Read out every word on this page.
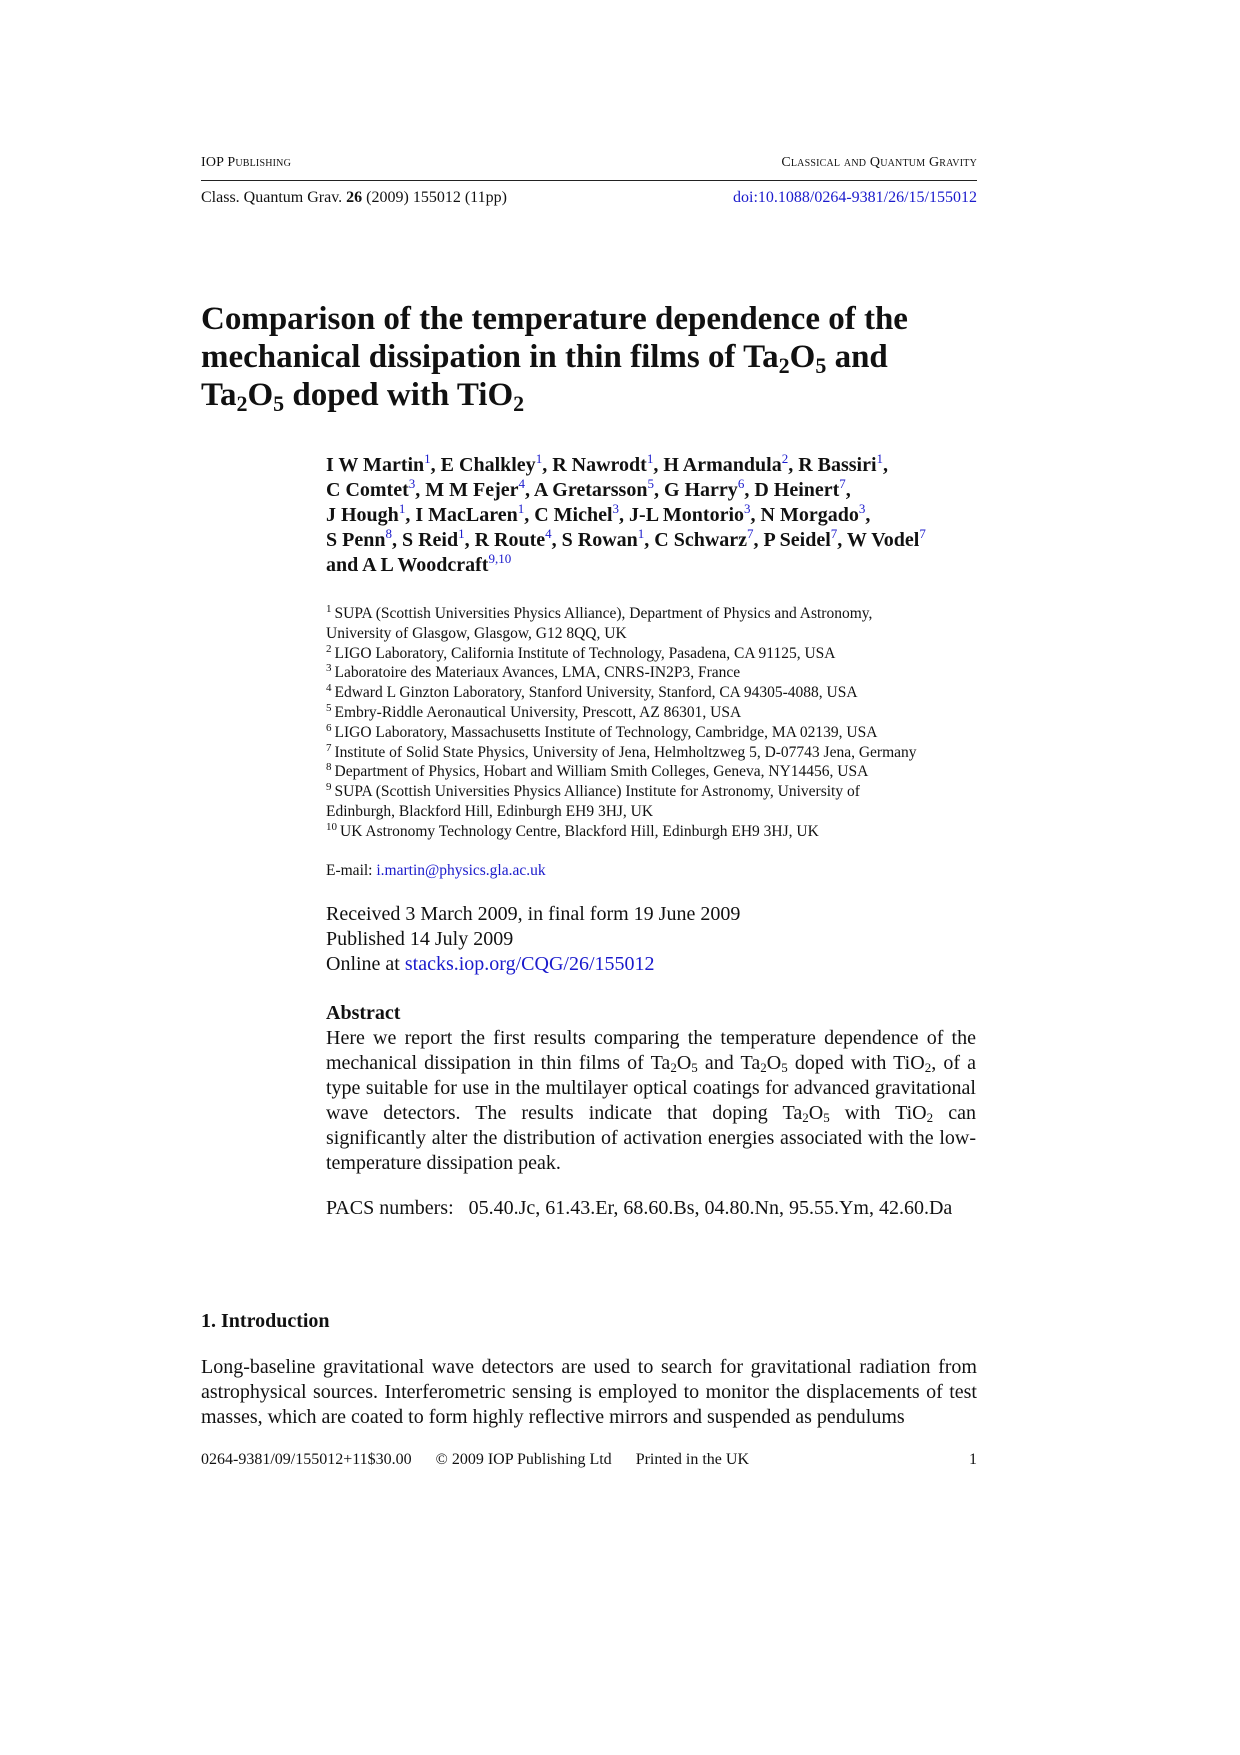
IOP Publishing	Classical and Quantum Gravity
Class. Quantum Grav. 26 (2009) 155012 (11pp)	doi:10.1088/0264-9381/26/15/155012
Comparison of the temperature dependence of the
mechanical dissipation in thin films of $Ta_2O_5$ and
$Ta_2O_5$ doped with TiO$_2$
I W Martin$^1$, E Chalkley$^1$, R Nawrodt$^1$, H Armandula$^2$, R Bassiri$^1$,
C Comtet$^3$, M M Fejer$^4$, A Gretarsson$^5$, G Harry$^6$, D Heinert$^7$,
J Hough$^1$, I MacLaren$^1$, C Michel$^3$, J-L Montorio$^3$, N Morgado$^3$,
S Penn$^8$, S Reid$^1$, R Route$^4$, S Rowan$^1$, C Schwarz$^7$, P Seidel$^7$, W Vodel$^7$
and A L Woodcraft$^{9,10}$
$^1$ SUPA (Scottish Universities Physics Alliance), Department of Physics and Astronomy,
University of Glasgow, Glasgow, G12 8QQ, UK
$^2$ LIGO Laboratory, California Institute of Technology, Pasadena, CA 91125, USA
$^3$ Laboratoire des Materiaux Avances, LMA, CNRS-IN2P3, France
$^4$ Edward L Ginzton Laboratory, Stanford University, Stanford, CA 94305-4088, USA
$^5$ Embry-Riddle Aeronautical University, Prescott, AZ 86301, USA
$^6$ LIGO Laboratory, Massachusetts Institute of Technology, Cambridge, MA 02139, USA
$^7$ Institute of Solid State Physics, University of Jena, Helmholtzweg 5, D-07743 Jena, Germany
$^8$ Department of Physics, Hobart and William Smith Colleges, Geneva, NY14456, USA
$^9$ SUPA (Scottish Universities Physics Alliance) Institute for Astronomy, University of
Edinburgh, Blackford Hill, Edinburgh EH9 3HJ, UK
$^{10}$ UK Astronomy Technology Centre, Blackford Hill, Edinburgh EH9 3HJ, UK
E-mail: i.martin@physics.gla.ac.uk
Received 3 March 2009, in final form 19 June 2009
Published 14 July 2009
Online at stacks.iop.org/CQG/26/155012
Abstract
Here we report the first results comparing the temperature dependence of the mechanical dissipation in thin films of $Ta_2O_5$ and $Ta_2O_5$ doped with TiO$_2$, of a type suitable for use in the multilayer optical coatings for advanced gravitational wave detectors. The results indicate that doping $Ta_2O_5$ with TiO$_2$ can significantly alter the distribution of activation energies associated with the low-temperature dissipation peak.
PACS numbers: 05.40.Jc, 61.43.Er, 68.60.Bs, 04.80.Nn, 95.55.Ym, 42.60.Da
1. Introduction
Long-baseline gravitational wave detectors are used to search for gravitational radiation from astrophysical sources. Interferometric sensing is employed to monitor the displacements of test masses, which are coated to form highly reflective mirrors and suspended as pendulums
0264-9381/09/155012+11$30.00 © 2009 IOP Publishing Ltd Printed in the UK	1
